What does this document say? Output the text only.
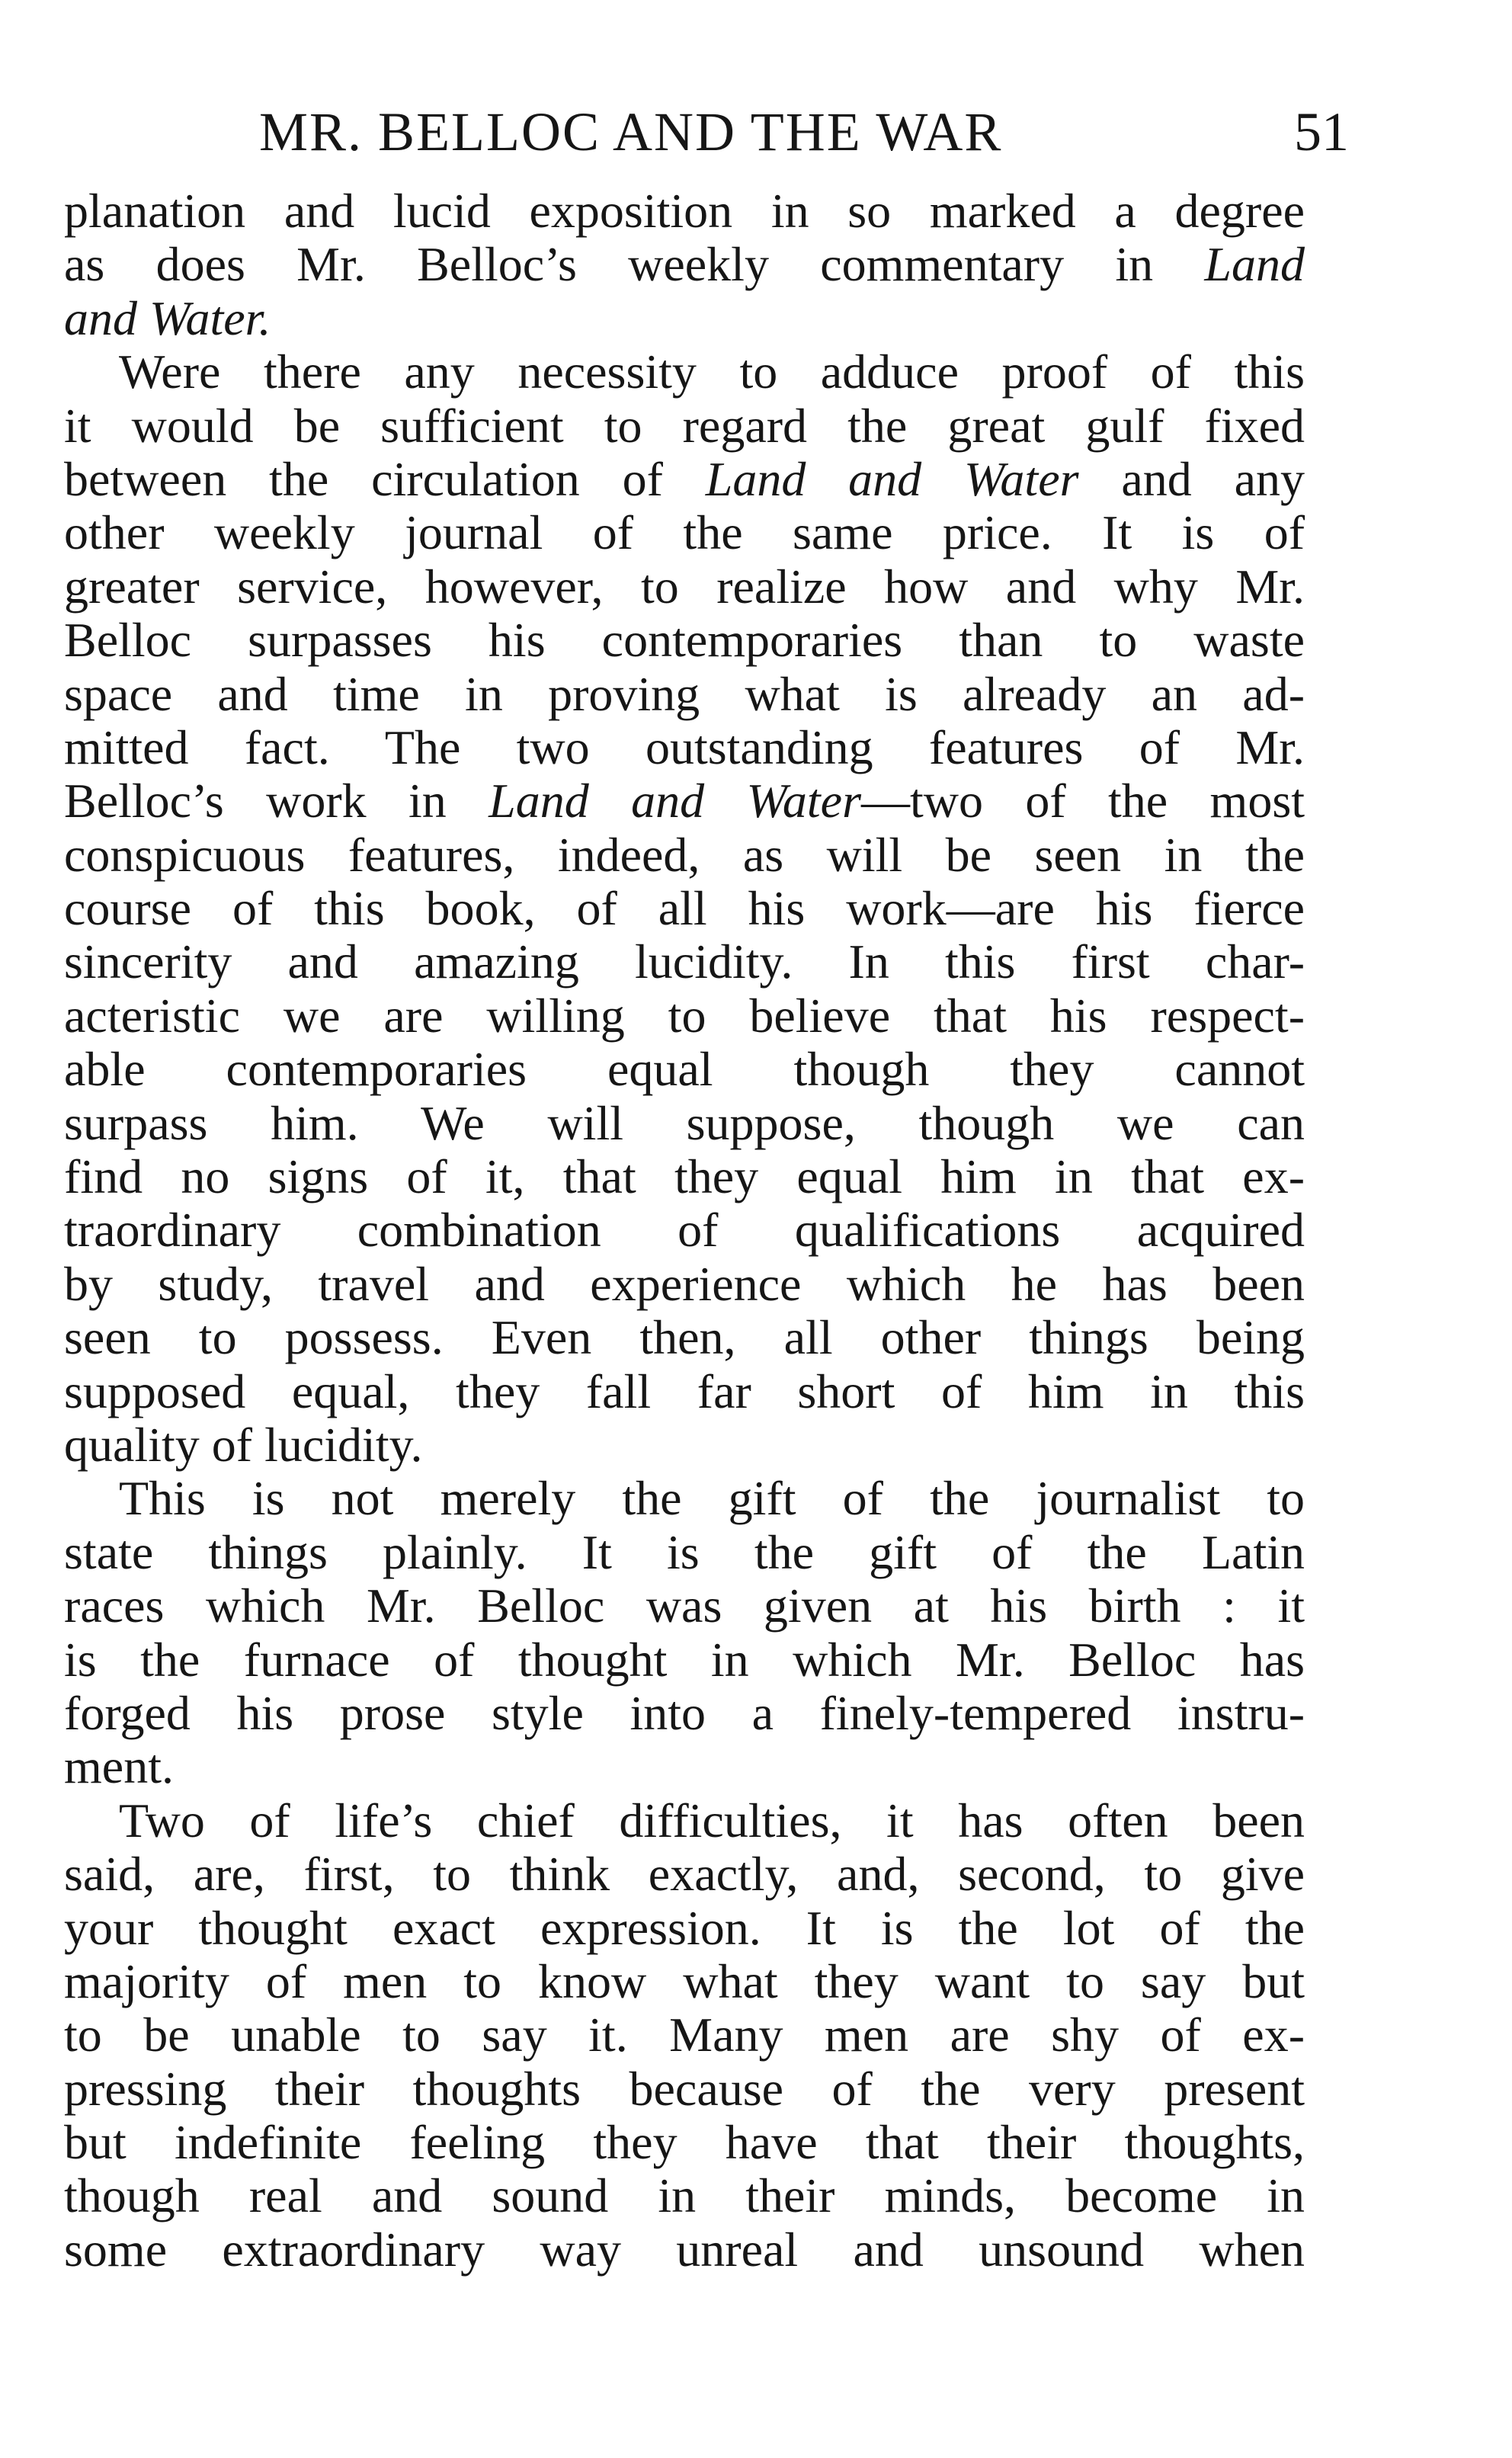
MR. BELLOC AND THE WAR	51
planation and lucid exposition in so marked a degree
as does Mr. Belloc’s weekly commentary in Land
and Water.
Were there any necessity to adduce proof of this
it would be sufficient to regard the great gulf fixed
between the circulation of Land and Water and any
other weekly journal of the same price. It is of
greater service, however, to realize how and why Mr.
Belloc surpasses his contemporaries than to waste
space and time in proving what is already an ad-
mitted fact. The two outstanding features of Mr.
Belloc’s work in Land and Water—two of the most
conspicuous features, indeed, as will be seen in the
course of this book, of all his work—are his fierce
sincerity and amazing lucidity. In this first char-
acteristic we are willing to believe that his respect-
able contemporaries equal though they cannot
surpass him. We will suppose, though we can
find no signs of it, that they equal him in that ex-
traordinary combination of qualifications acquired
by study, travel and experience which he has been
seen to possess. Even then, all other things being
supposed equal, they fall far short of him in this
quality of lucidity.
This is not merely the gift of the journalist to
state things plainly. It is the gift of the Latin
races which Mr. Belloc was given at his birth : it
is the furnace of thought in which Mr. Belloc has
forged his prose style into a finely-tempered instru-
ment.
Two of life’s chief difficulties, it has often been
said, are, first, to think exactly, and, second, to give
your thought exact expression. It is the lot of the
majority of men to know what they want to say but
to be unable to say it. Many men are shy of ex-
pressing their thoughts because of the very present
but indefinite feeling they have that their thoughts,
though real and sound in their minds, become in
some extraordinary way unreal and unsound when
